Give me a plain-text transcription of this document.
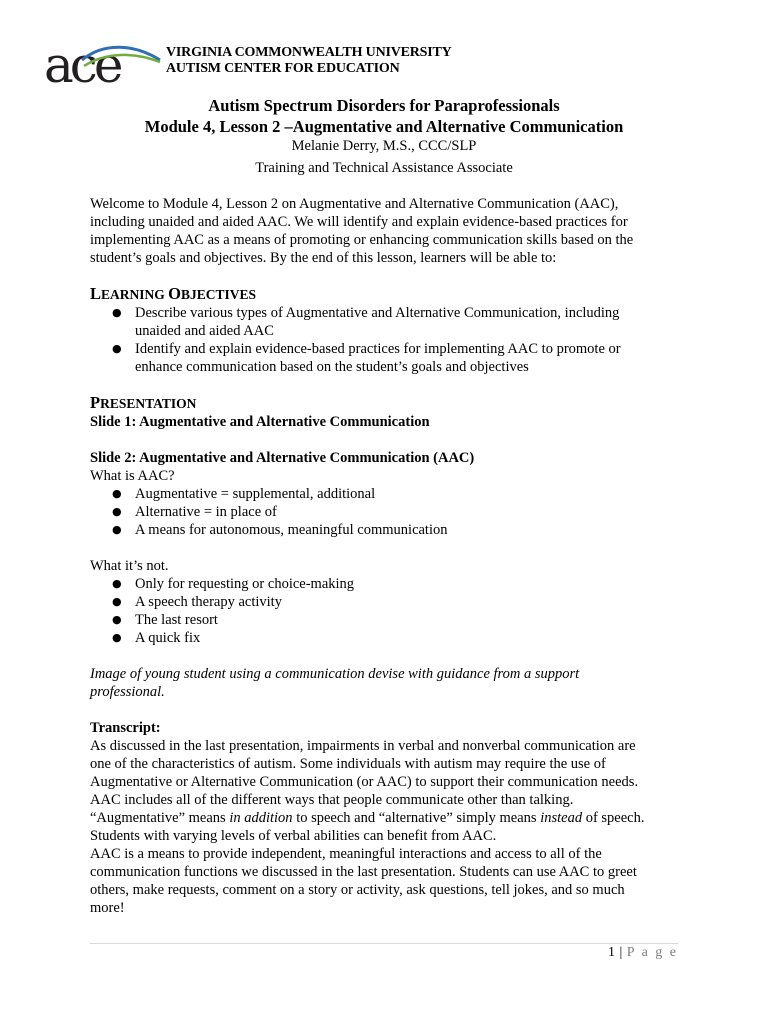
ace	VIRGINIA COMMONWEALTH UNIVERSITY
AUTISM CENTER FOR EDUCATION
Autism Spectrum Disorders for Paraprofessionals
Module 4, Lesson 2 –Augmentative and Alternative Communication
Melanie Derry, M.S., CCC/SLP
Training and Technical Assistance Associate

Welcome to Module 4, Lesson 2 on Augmentative and Alternative Communication (AAC),
including unaided and aided AAC. We will identify and explain evidence-based practices for
implementing AAC as a means of promoting or enhancing communication skills based on the
student’s goals and objectives. By the end of this lesson, learners will be able to:

LEARNING OBJECTIVES

● Describe various types of Augmentative and Alternative Communication, including
unaided and aided AAC
● Identify and explain evidence-based practices for implementing AAC to promote or
enhance communication based on the student’s goals and objectives

PRESENTATION

Slide 1: Augmentative and Alternative Communication

Slide 2: Augmentative and Alternative Communication (AAC)

What is AAC?

● Augmentative = supplemental, additional
● Alternative = in place of
● A means for autonomous, meaningful communication

What it’s not.

● Only for requesting or choice-making
● A speech therapy activity
● The last resort
● A quick fix

Image of young student using a communication devise with guidance from a support
professional.

Transcript:

As discussed in the last presentation, impairments in verbal and nonverbal communication are
one of the characteristics of autism. Some individuals with autism may require the use of
Augmentative or Alternative Communication (or AAC) to support their communication needs.
AAC includes all of the different ways that people communicate other than talking.
“Augmentative” means in addition to speech and “alternative” simply means instead of speech.
Students with varying levels of verbal abilities can benefit from AAC.
AAC is a means to provide independent, meaningful interactions and access to all of the
communication functions we discussed in the last presentation. Students can use AAC to greet
others, make requests, comment on a story or activity, ask questions, tell jokes, and so much
more!

1 | P a g e
